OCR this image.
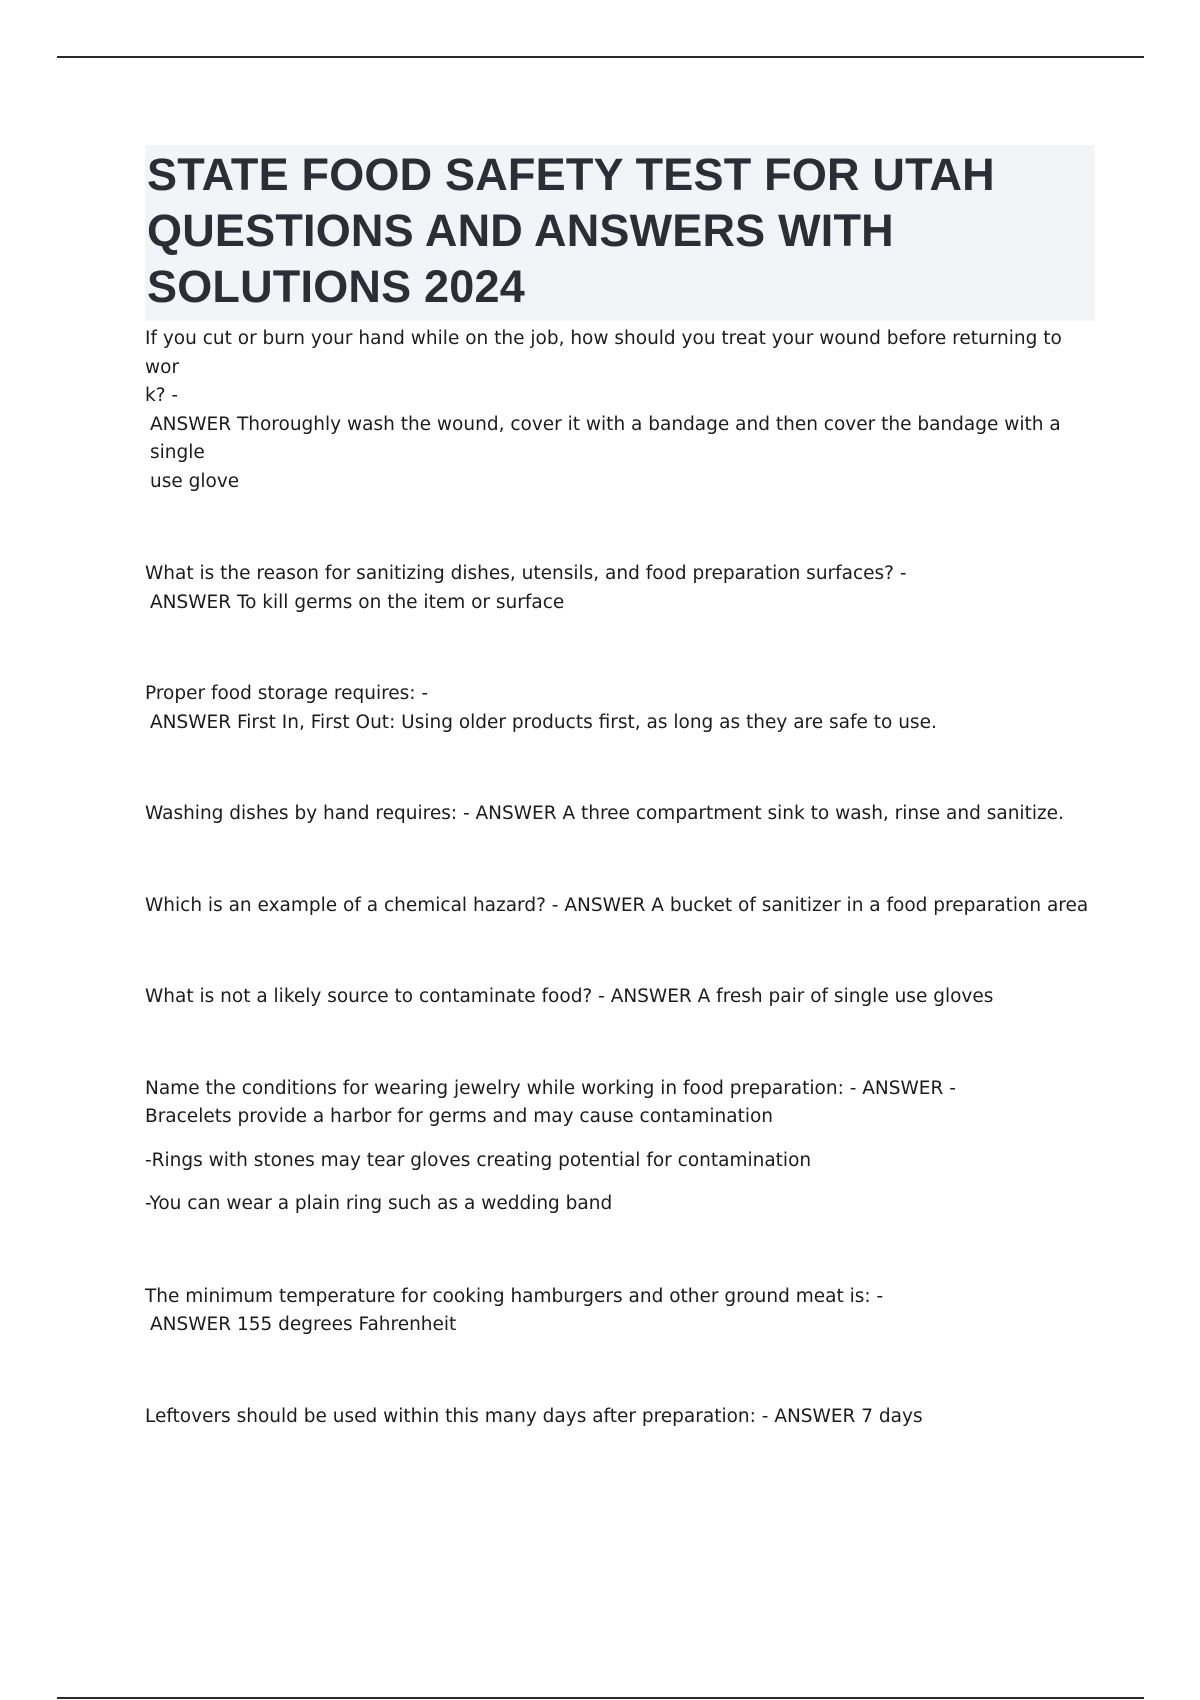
STATE FOOD SAFETY TEST FOR UTAH
QUESTIONS AND ANSWERS WITH
SOLUTIONS 2024

If you cut or burn your hand while on the job, how should you treat your wound before returning to wor

k? -

ANSWER Thoroughly wash the wound, cover it with a bandage and then cover the bandage with a single

use glove

What is the reason for sanitizing dishes, utensils, and food preparation surfaces? -

ANSWER To kill germs on the item or surface

Proper food storage requires: -

ANSWER First In, First Out: Using older products first, as long as they are safe to use.

Washing dishes by hand requires: - ANSWER A three compartment sink to wash, rinse and sanitize.

Which is an example of a chemical hazard? - ANSWER A bucket of sanitizer in a food preparation area

What is not a likely source to contaminate food? - ANSWER A fresh pair of single use gloves

Name the conditions for wearing jewelry while working in food preparation: - ANSWER -

Bracelets provide a harbor for germs and may cause contamination

-Rings with stones may tear gloves creating potential for contamination

-You can wear a plain ring such as a wedding band

The minimum temperature for cooking hamburgers and other ground meat is: -

ANSWER 155 degrees Fahrenheit

Leftovers should be used within this many days after preparation: - ANSWER 7 days
